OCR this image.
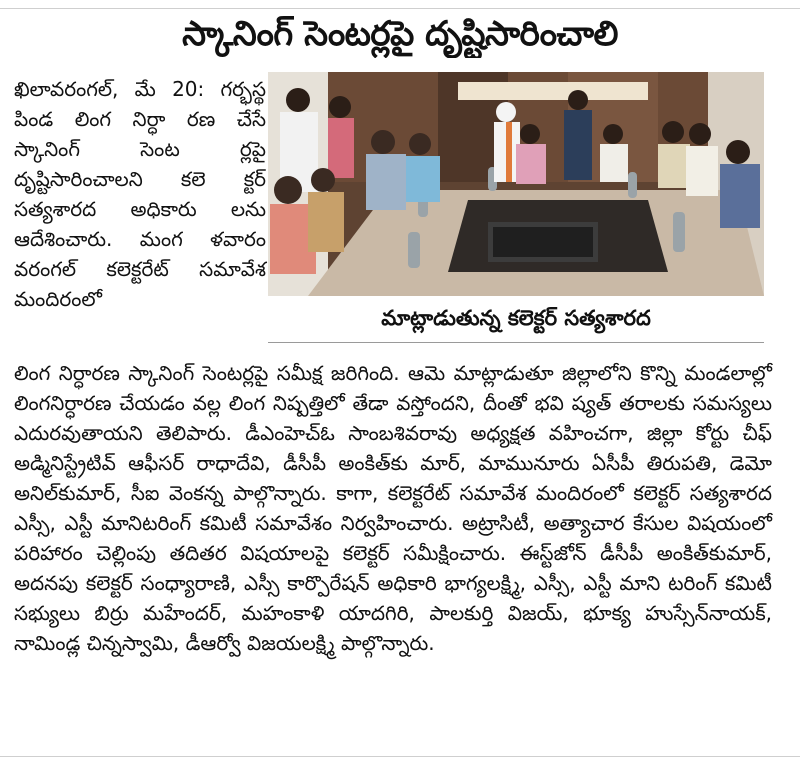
స్కానింగ్ సెంటర్లపై దృష్టిసారించాలి
ఖిలావరంగల్, మే 20: గర్భస్థ పిండ లింగ నిర్ధా రణ చేసే స్కానింగ్ సెంట ర్లపై దృష్టిసారించాలని కలె క్టర్ సత్యశారద అధికారు లను ఆదేశించారు. మంగ ళవారం వరంగల్ కలెక్టరేట్ సమావేశ మందిరంలో
మాట్లాడుతున్న కలెక్టర్ సత్యశారద
లింగ నిర్ధారణ స్కానింగ్ సెంటర్లపై సమీక్ష జరిగింది. ఆమె మాట్లాడుతూ జిల్లాలోని కొన్ని మండలాల్లో లింగనిర్ధారణ చేయడం వల్ల లింగ నిష్పత్తిలో తేడా వస్తోందని, దీంతో భవి ష్యత్ తరాలకు సమస్యలు ఎదురవుతాయని తెలిపారు. డీఎంహెచ్ఓ సాంబశివరావు అధ్యక్షత వహించగా, జిల్లా కోర్టు చీఫ్ అడ్మినిస్ట్రేటివ్ ఆఫీసర్ రాధాదేవి, డీసీపీ అంకిత్‌కు మార్, మామునూరు ఏసీపీ తిరుపతి, డెమో అనిల్‌కుమార్, సీఐ వెంకన్న పాల్గొన్నారు. కాగా, కలెక్టరేట్ సమావేశ మందిరంలో కలెక్టర్ సత్యశారద ఎస్సీ, ఎస్టీ మానిటరింగ్ కమిటీ సమావేశం నిర్వహించారు. అట్రాసిటీ, అత్యాచార కేసుల విషయంలో పరిహారం చెల్లింపు తదితర విషయాలపై కలెక్టర్ సమీక్షించారు. ఈస్ట్‌జోన్ డీసీపీ అంకిత్‌కుమార్, అదనపు కలెక్టర్ సంధ్యారాణి, ఎస్సీ కార్పొరేషన్ అధికారి భాగ్యలక్ష్మి, ఎస్సీ, ఎస్టీ మాని టరింగ్ కమిటీ సభ్యులు బిర్రు మహేందర్, మహంకాళి యాదగిరి, పాలకుర్తి విజయ్, భూక్య హుస్సేన్‌నాయక్, నామిండ్ల చిన్నస్వామి, డీఆర్వో విజయలక్ష్మి పాల్గొన్నారు.
